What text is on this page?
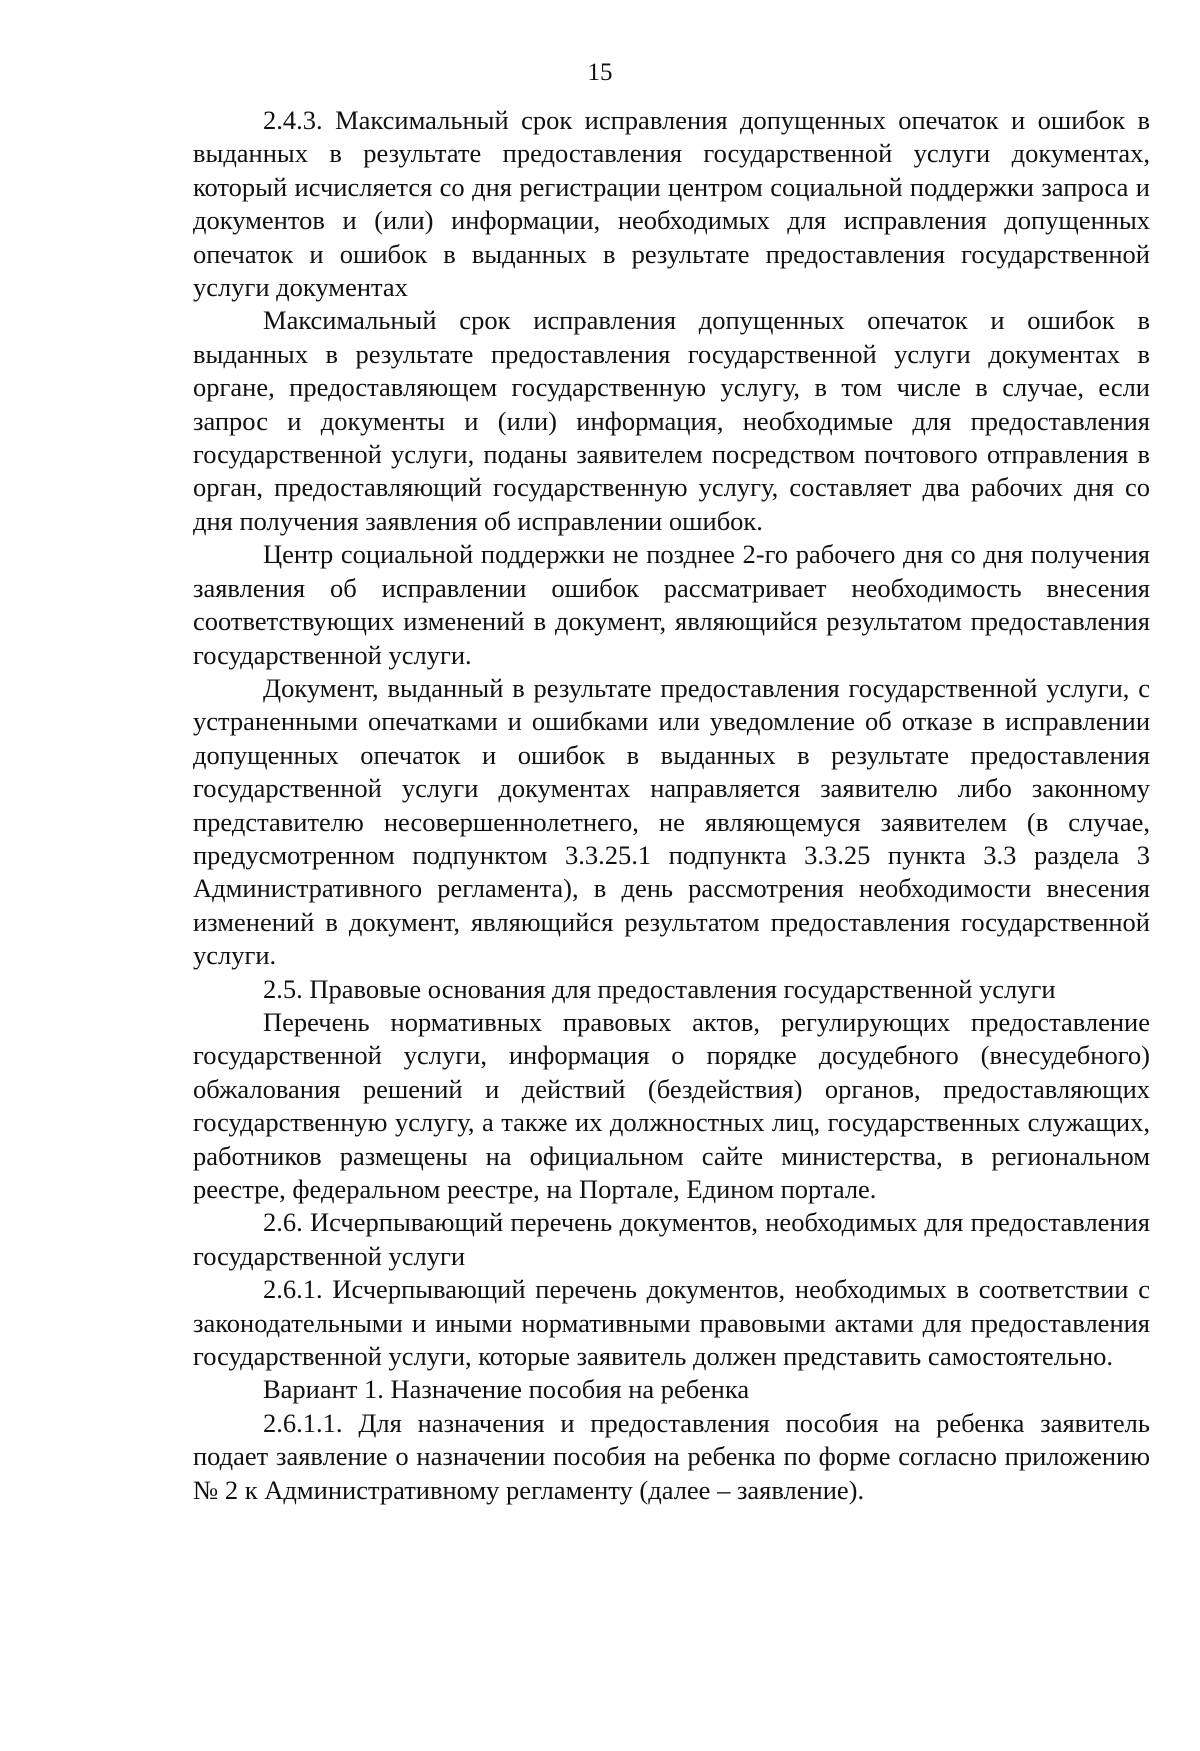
15

2.4.3. Максимальный срок исправления допущенных опечаток и ошибок в выданных в результате предоставления государственной услуги документах, который исчисляется со дня регистрации центром социальной поддержки запроса и документов и (или) информации, необходимых для исправления допущенных опечаток и ошибок в выданных в результате предоставления государственной услуги документах

Максимальный срок исправления допущенных опечаток и ошибок в выданных в результате предоставления государственной услуги документах в органе, предоставляющем государственную услугу, в том числе в случае, если запрос и документы и (или) информация, необходимые для предоставления государственной услуги, поданы заявителем посредством почтового отправления в орган, предоставляющий государственную услугу, составляет два рабочих дня со дня получения заявления об исправлении ошибок.

Центр социальной поддержки не позднее 2-го рабочего дня со дня получения заявления об исправлении ошибок рассматривает необходимость внесения соответствующих изменений в документ, являющийся результатом предоставления государственной услуги.

Документ, выданный в результате предоставления государственной услуги, с устраненными опечатками и ошибками или уведомление об отказе в исправлении допущенных опечаток и ошибок в выданных в результате предоставления государственной услуги документах направляется заявителю либо законному представителю несовершеннолетнего, не являющемуся заявителем (в случае, предусмотренном подпунктом 3.3.25.1 подпункта 3.3.25 пункта 3.3 раздела 3 Административного регламента), в день рассмотрения необходимости внесения изменений в документ, являющийся результатом предоставления государственной услуги.

2.5. Правовые основания для предоставления государственной услуги

Перечень нормативных правовых актов, регулирующих предоставление государственной услуги, информация о порядке досудебного (внесудебного) обжалования решений и действий (бездействия) органов, предоставляющих государственную услугу, а также их должностных лиц, государственных служащих, работников размещены на официальном сайте министерства, в региональном реестре, федеральном реестре, на Портале, Едином портале.

2.6. Исчерпывающий перечень документов, необходимых для предоставления государственной услуги

2.6.1. Исчерпывающий перечень документов, необходимых в соответствии с законодательными и иными нормативными правовыми актами для предоставления государственной услуги, которые заявитель должен представить самостоятельно.

Вариант 1. Назначение пособия на ребенка

2.6.1.1. Для назначения и предоставления пособия на ребенка заявитель подает заявление о назначении пособия на ребенка по форме согласно приложению № 2 к Административному регламенту (далее – заявление).
